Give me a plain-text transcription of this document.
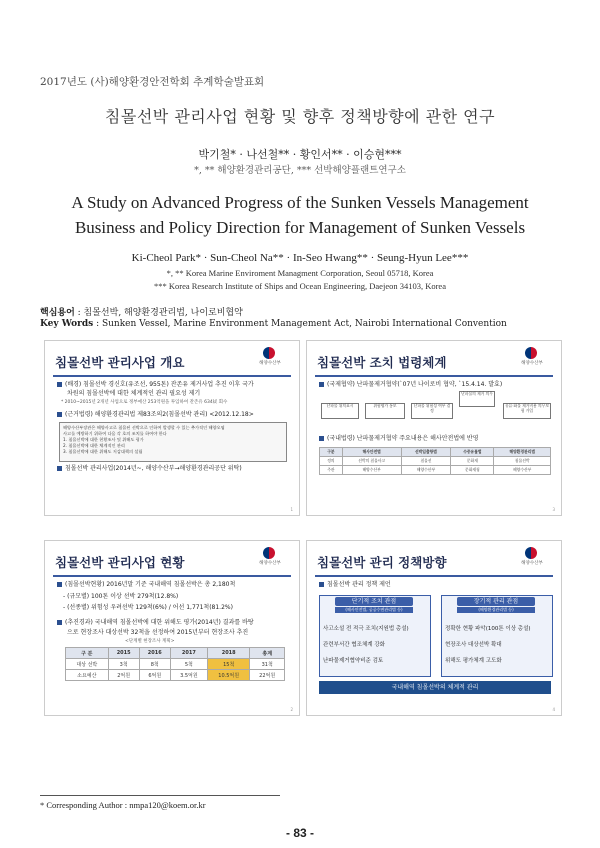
2017년도 (사)해양환경안전학회 추계학술발표회
침몰선박 관리사업 현황 및 향후 정책방향에 관한 연구
박기철* · 나선철** · 황인서** · 이승현***
*, ** 해양환경관리공단, *** 선박해양플랜트연구소
A Study on Advanced Progress of the Sunken Vessels Management
Business and Policy Direction for Management of Sunken Vessels
Ki-Cheol Park* · Sun-Cheol Na** · In-Seo Hwang** · Seung-Hyun Lee***
*, ** Korea Marine Enviroment Managment Corporation, Seoul 05718, Korea
*** Korea Research Institute of Ships and Ocean Engineering, Daejeon 34103, Korea
핵심용어 : 침몰선박, 해양환경관리법, 나이로비협약
Key Words : Sunken Vessel, Marine Environment Management Act, Nairobi International Convention
침몰선박 관리사업 개요	해양수산부
(배경) 침몰선박 경신호(유조선, 955톤) 잔존유 제거사업 추진 이후 국가
차원의 침몰선박에 대한 체계적인 관리 필요성 제기
* 2010~2015년 2개년 사업으로 정부예산 253억원을 투입하여 잔존유 634㎘ 회수
(근거법령) 해양환경관리법 제83조의2(침몰선박 관리) <2012.12.18>
해양수산부장관은 해양사고로 침몰된 선박으로 인하여 발생할 수 있는 추가적인 해양오염
사고를 예방하기 위하여 다음 각 호의 조치를 하여야 한다
1. 침몰선박에 대한 현황조사 및 위해도 평가
2. 침몰선박에 대한 체계적인 관리
3. 침몰선박에 대한 위해도 저감대책의 설립
침몰선박 관리사업(2014년~, 해양수산부→해양환경관리공단 위탁)
1
침몰선박 조치 법령체계	해양수산부
(국제협약) 난파물제거협약(`07년 나이로비 협약, `15.4.14. 발효)
난파물 위치표시	위험평가 통보	난파물 위험성 여부 결정
난파물의 제거 의무
유류·화물 제거비용 의무보험 가입
(국내법령) 난파물제거협약 주요내용은 해사안전법에 반영
구분	해사안전법	선박입출항법	수중유물법	해양환경관리법
정의	선박의 침몰사고	침몰선	문화재	침몰선박
주관	해양수산부	해양수산부	문화재청	해양수산부
3
침몰선박 관리사업 현황	해양수산부
(침몰선박현황) 2016년말 기준 국내해역 침몰선박은 총 2,180척
- (규모별) 100톤 이상 선박 279척(12.8%)
- (선종별) 위험성 우려선박 129척(6%) / 어선 1,771척(81.2%)
(추진경과) 국내해역 침몰선박에 대한 위해도 평가(2014년) 결과를 바탕
으로 현장조사 대상선박 32척을 선정하여 2015년부터 현장조사 추진
<단계별 현장조사 계획>
구 분	2015	2016	2017	2018	총계
대상 선박	3척	8척	5척	15척	31척
소요예산	2억원	6억원	3.5억원	10.5억원	22억원
2
침몰선박 관리 정책방향	해양수산부
침몰선박 관리 정책 제언
단기적 조치 관점
(해사안전법, 공공수면관리법 등)
장기적 관리 관점
(해양환경관리법 등)
사고소설 전 적극 조치(지원법 총설)
관련부서간 협조체계 강화
난파물제거협약비준 검토
정확한 현황 파악(100톤 이상 총설)
현장조사 대상선박 확대
위해도 평가체계 고도화
국내해역 침몰선박의 체계적 관리
4
* Corresponding Author : nmpa120@koem.or.kr
- 83 -
